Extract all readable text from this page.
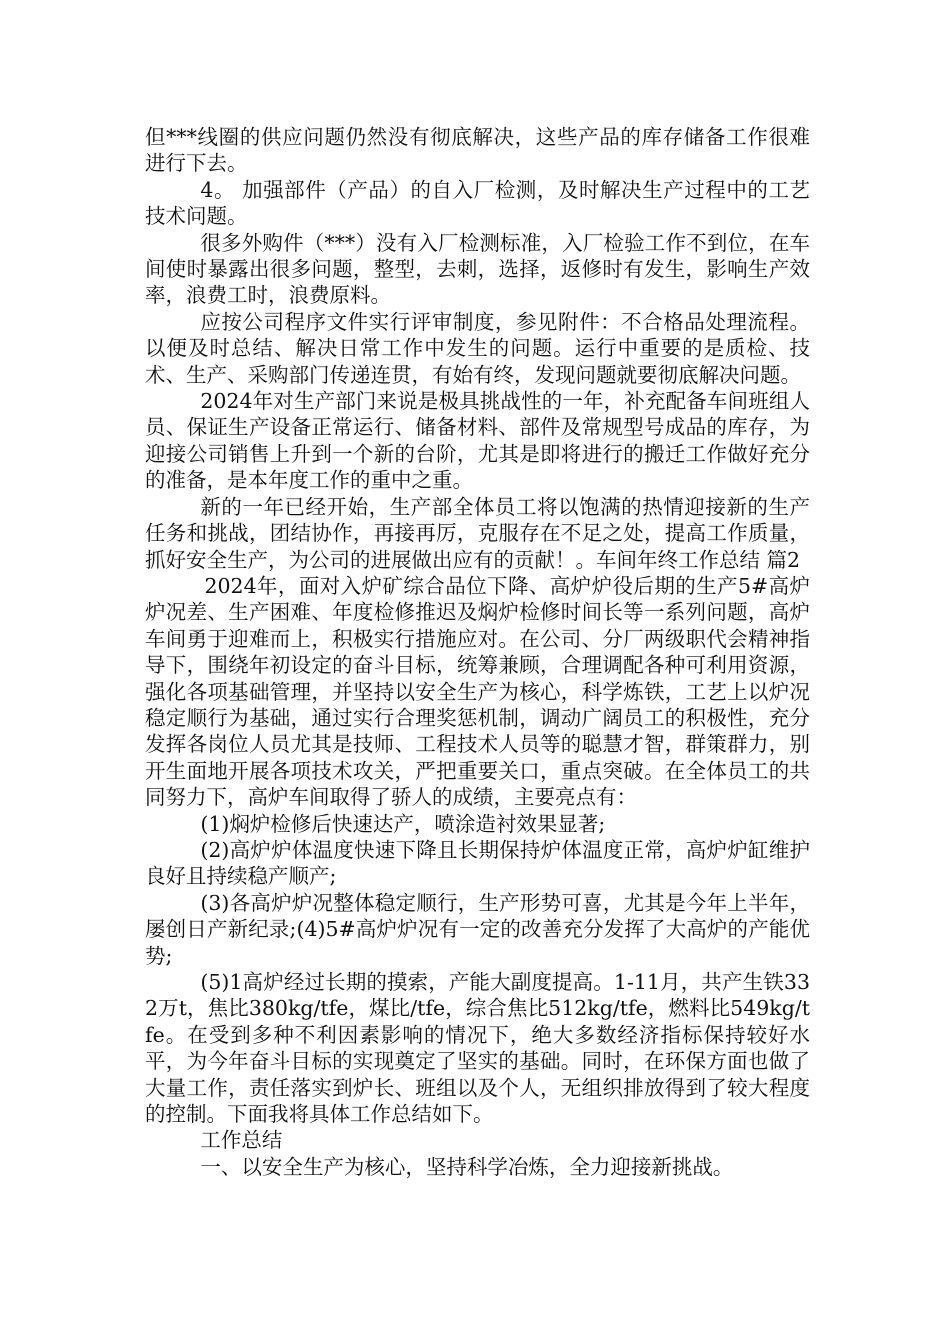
但***线圈的供应问题仍然没有彻底解决，这些产品的库存储备工作很难进行下去。

4。 加强部件（产品）的自入厂检测，及时解决生产过程中的工艺技术问题。

很多外购件（***）没有入厂检测标准，入厂检验工作不到位，在车间使时暴露出很多问题，整型，去刺，选择，返修时有发生，影响生产效率，浪费工时，浪费原料。

应按公司程序文件实行评审制度，参见附件：不合格品处理流程。以便及时总结、解决日常工作中发生的问题。运行中重要的是质检、技术、生产、采购部门传递连贯，有始有终，发现问题就要彻底解决问题。

2024年对生产部门来说是极具挑战性的一年，补充配备车间班组人员、保证生产设备正常运行、储备材料、部件及常规型号成品的库存，为迎接公司销售上升到一个新的台阶，尤其是即将进行的搬迁工作做好充分的准备，是本年度工作的重中之重。

新的一年已经开始，生产部全体员工将以饱满的热情迎接新的生产任务和挑战，团结协作，再接再厉，克服存在不足之处，提高工作质量，抓好安全生产，为公司的进展做出应有的贡献！。车间年终工作总结 篇2

2024年，面对入炉矿综合品位下降、高炉炉役后期的生产5#高炉炉况差、生产困难、年度检修推迟及焖炉检修时间长等一系列问题，高炉车间勇于迎难而上，积极实行措施应对。在公司、分厂两级职代会精神指导下，围绕年初设定的奋斗目标，统筹兼顾，合理调配各种可利用资源，强化各项基础管理，并坚持以安全生产为核心，科学炼铁，工艺上以炉况稳定顺行为基础，通过实行合理奖惩机制，调动广阔员工的积极性，充分发挥各岗位人员尤其是技师、工程技术人员等的聪慧才智，群策群力，别开生面地开展各项技术攻关，严把重要关口，重点突破。在全体员工的共同努力下，高炉车间取得了骄人的成绩，主要亮点有：

(1)焖炉检修后快速达产，喷涂造衬效果显著;

(2)高炉炉体温度快速下降且长期保持炉体温度正常，高炉炉缸维护良好且持续稳产顺产;

(3)各高炉炉况整体稳定顺行，生产形势可喜，尤其是今年上半年，屡创日产新纪录;(4)5#高炉炉况有一定的改善充分发挥了大高炉的产能优势;

(5)1高炉经过长期的摸索，产能大副度提高。1-11月，共产生铁332万t，焦比380kg/tfe，煤比/tfe，综合焦比512kg/tfe，燃料比549kg/tfe。在受到多种不利因素影响的情况下，绝大多数经济指标保持较好水平，为今年奋斗目标的实现奠定了坚实的基础。同时，在环保方面也做了大量工作，责任落实到炉长、班组以及个人，无组织排放得到了较大程度的控制。下面我将具体工作总结如下。

工作总结

一、以安全生产为核心，坚持科学冶炼，全力迎接新挑战。
